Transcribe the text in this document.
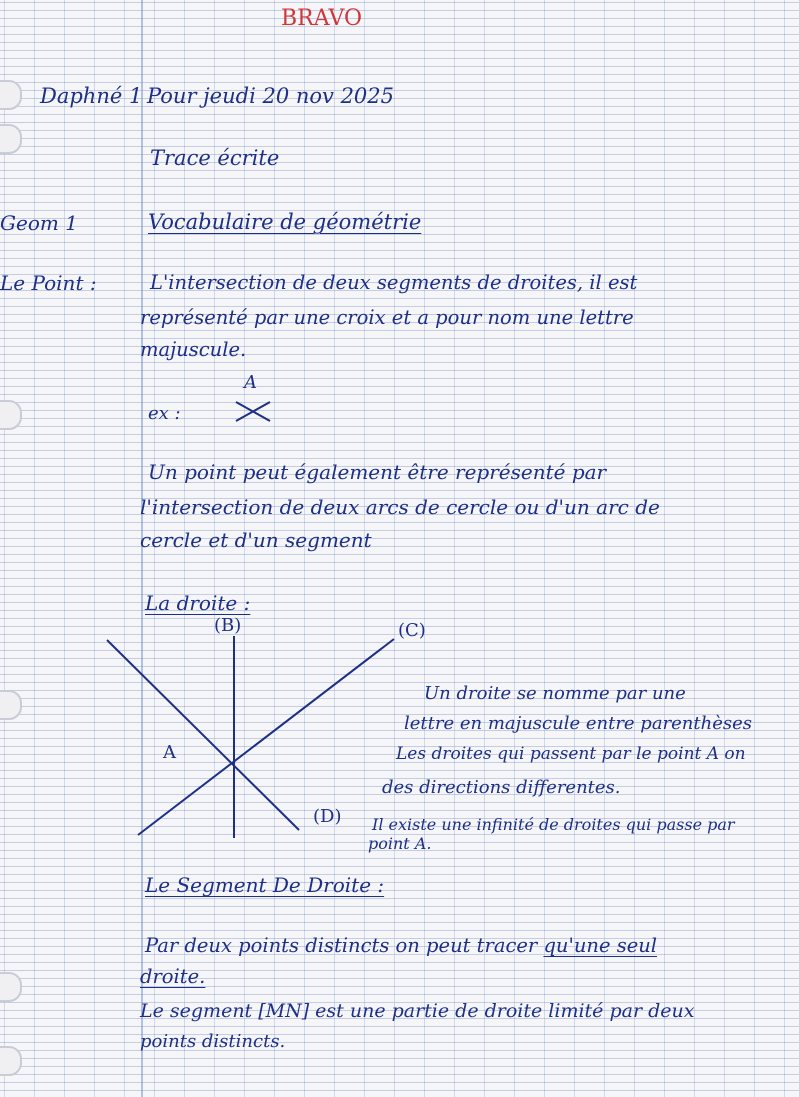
BRAVO
Daphné 1 Pour jeudi 20 nov 2025
Trace écrite
Geom 1	Vocabulaire de géométrie
Le Point :	L'intersection de deux segments de droites, il est
représenté par une croix et a pour nom une lettre
majuscule.
ex :
A
Un point peut également être représenté par
l'intersection de deux arcs de cercle ou d'un arc de
cercle et d'un segment
La droite :
(B)	(C)
(D)
A
Un droite se nomme par une
lettre en majuscule entre parenthèses
Les droites qui passent par le point A on
des directions differentes.
Il existe une infinité de droites qui passe par
point A.
Le Segment De Droite :
Par deux points distincts on peut tracer qu'une seul
droite.
Le segment [MN] est une partie de droite limité par deux
points distincts.
